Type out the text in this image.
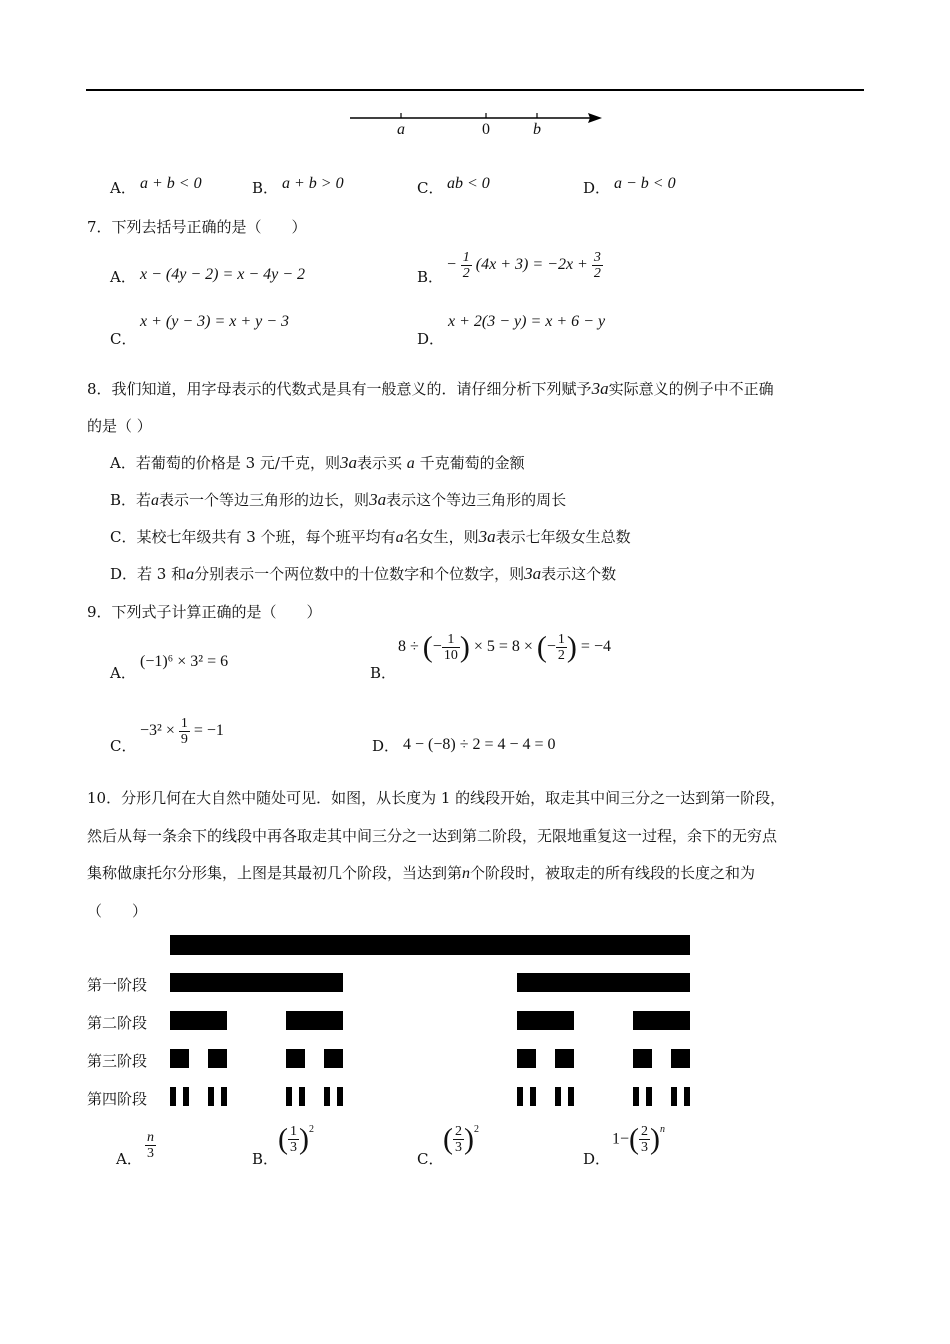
a	0	b
A． a + b < 0	B． a + b > 0	C． ab < 0	D． a − b < 0
7．下列去括号正确的是（　　）
A． x − (4y − 2) = x − 4y − 2	B．
− $\frac{1}{2} (4x + 3) = -2x + \frac{3}{2}$
C．
x + (y − 3) = x + y − 3
D．
x + 2(3 − y) = x + 6 − y
8．我们知道，用字母表示的代数式是具有一般意义的．请仔细分析下列赋予3a实际意义的例子中不正确
的是（ ）
A．若葡萄的价格是 3 元/千克，则3a表示买 a 千克葡萄的金额
B．若a表示一个等边三角形的边长，则3a表示这个等边三角形的周长
C．某校七年级共有 3 个班，每个班平均有a名女生，则3a表示七年级女生总数
D．若 3 和a分别表示一个两位数中的十位数字和个位数字，则3a表示这个数
9．下列式子计算正确的是（　　）
A．
(−1)⁶ × 3² = 6
B．
8 ÷ (− $\frac{1}{10}$ ) × 5 = 8 × (− $\frac{1}{2}$ ) = −4
C．
$-3^2 \times \frac{1}{9} = -1$
D． 4 − (−8) ÷ 2 = 4 − 4 = 0
10．分形几何在大自然中随处可见．如图，从长度为 1 的线段开始，取走其中间三分之一达到第一阶段，
然后从每一条余下的线段中再各取走其中间三分之一达到第二阶段，无限地重复这一过程，余下的无穷点
集称做康托尔分形集，上图是其最初几个阶段，当达到第n个阶段时，被取走的所有线段的长度之和为
（　　）
第一阶段
第二阶段
第三阶段
第四阶段
A． $\frac{n}{3}$	B．
( $\frac{1}{3} )^2$
C．
( $\frac{2}{3} )^2$
D．
$1-( \frac{2}{3} )^n$
